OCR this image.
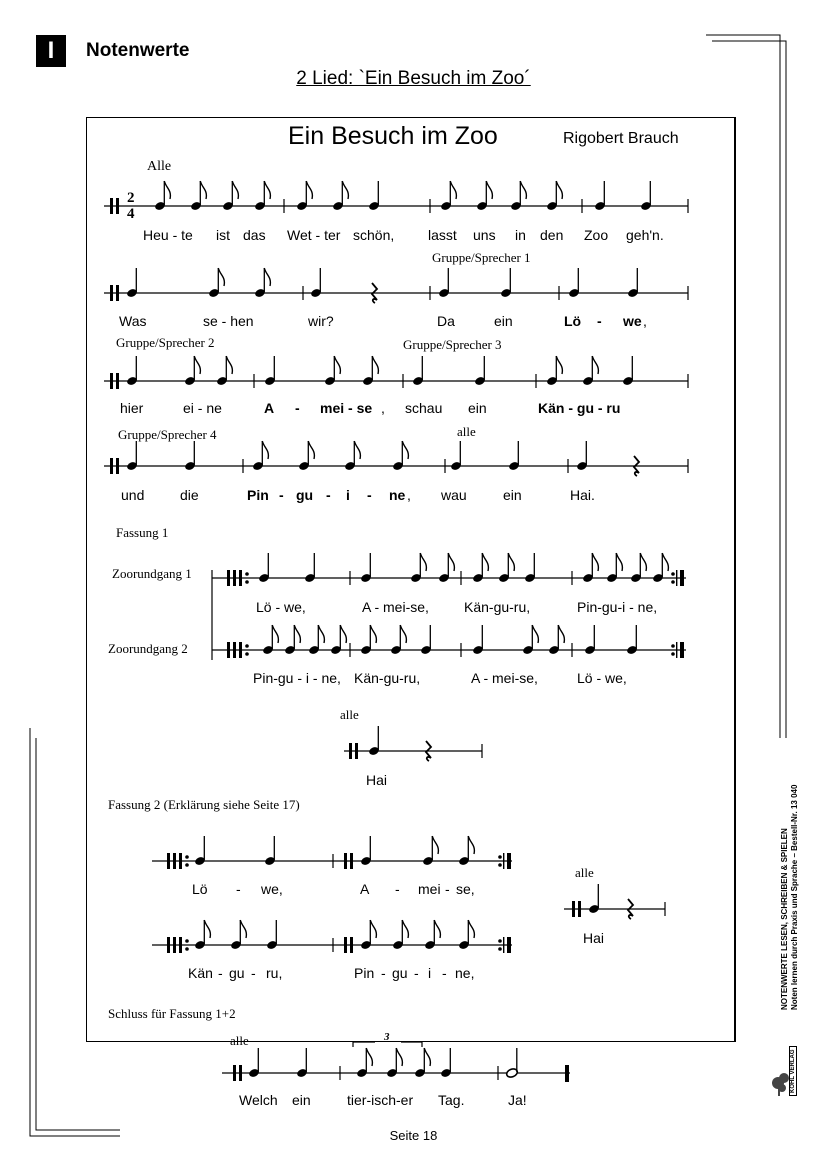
I	Notenwerte
2 Lied: `Ein Besuch im Zoo´
Ein Besuch im Zoo	Rigobert Brauch
2
4
3
Alle
Gruppe/Sprecher 1
Gruppe/Sprecher 2	Gruppe/Sprecher 3
Gruppe/Sprecher 4	alle
Fassung 1
Zoorundgang 1
Zoorundgang 2
alle
Fassung 2 (Erklärung siehe Seite 17)
alle
Schluss für Fassung 1+2
alle
Heu - te ist das Wet - ter schön, lasst uns in den Zoo geh'n.
Was	se - hen	wir?	Da	ein	Lö - we ,
hier	ei - ne	A - mei - se , schau ein	Kän - gu - ru
und	die	Pin - gu - i - ne , wau	ein	Hai.
Lö - we,	A - mei-se,	Kän-gu-ru,	Pin-gu-i - ne,
Pin-gu - i - ne, Kän-gu-ru,	A - mei-se,	Lö - we,
Hai
Lö - we,	A - mei - se,
Kän - gu - ru,	Pin - gu - i - ne,
Hai
Welch ein	tier-isch-er Tag.	Ja!
NOTENWERTE LESEN, SCHREIBEN & SPIELEN Noten lernen durch Praxis und Sprache – Bestell-Nr. 13 040
KOHL VERLAG
Seite 18
